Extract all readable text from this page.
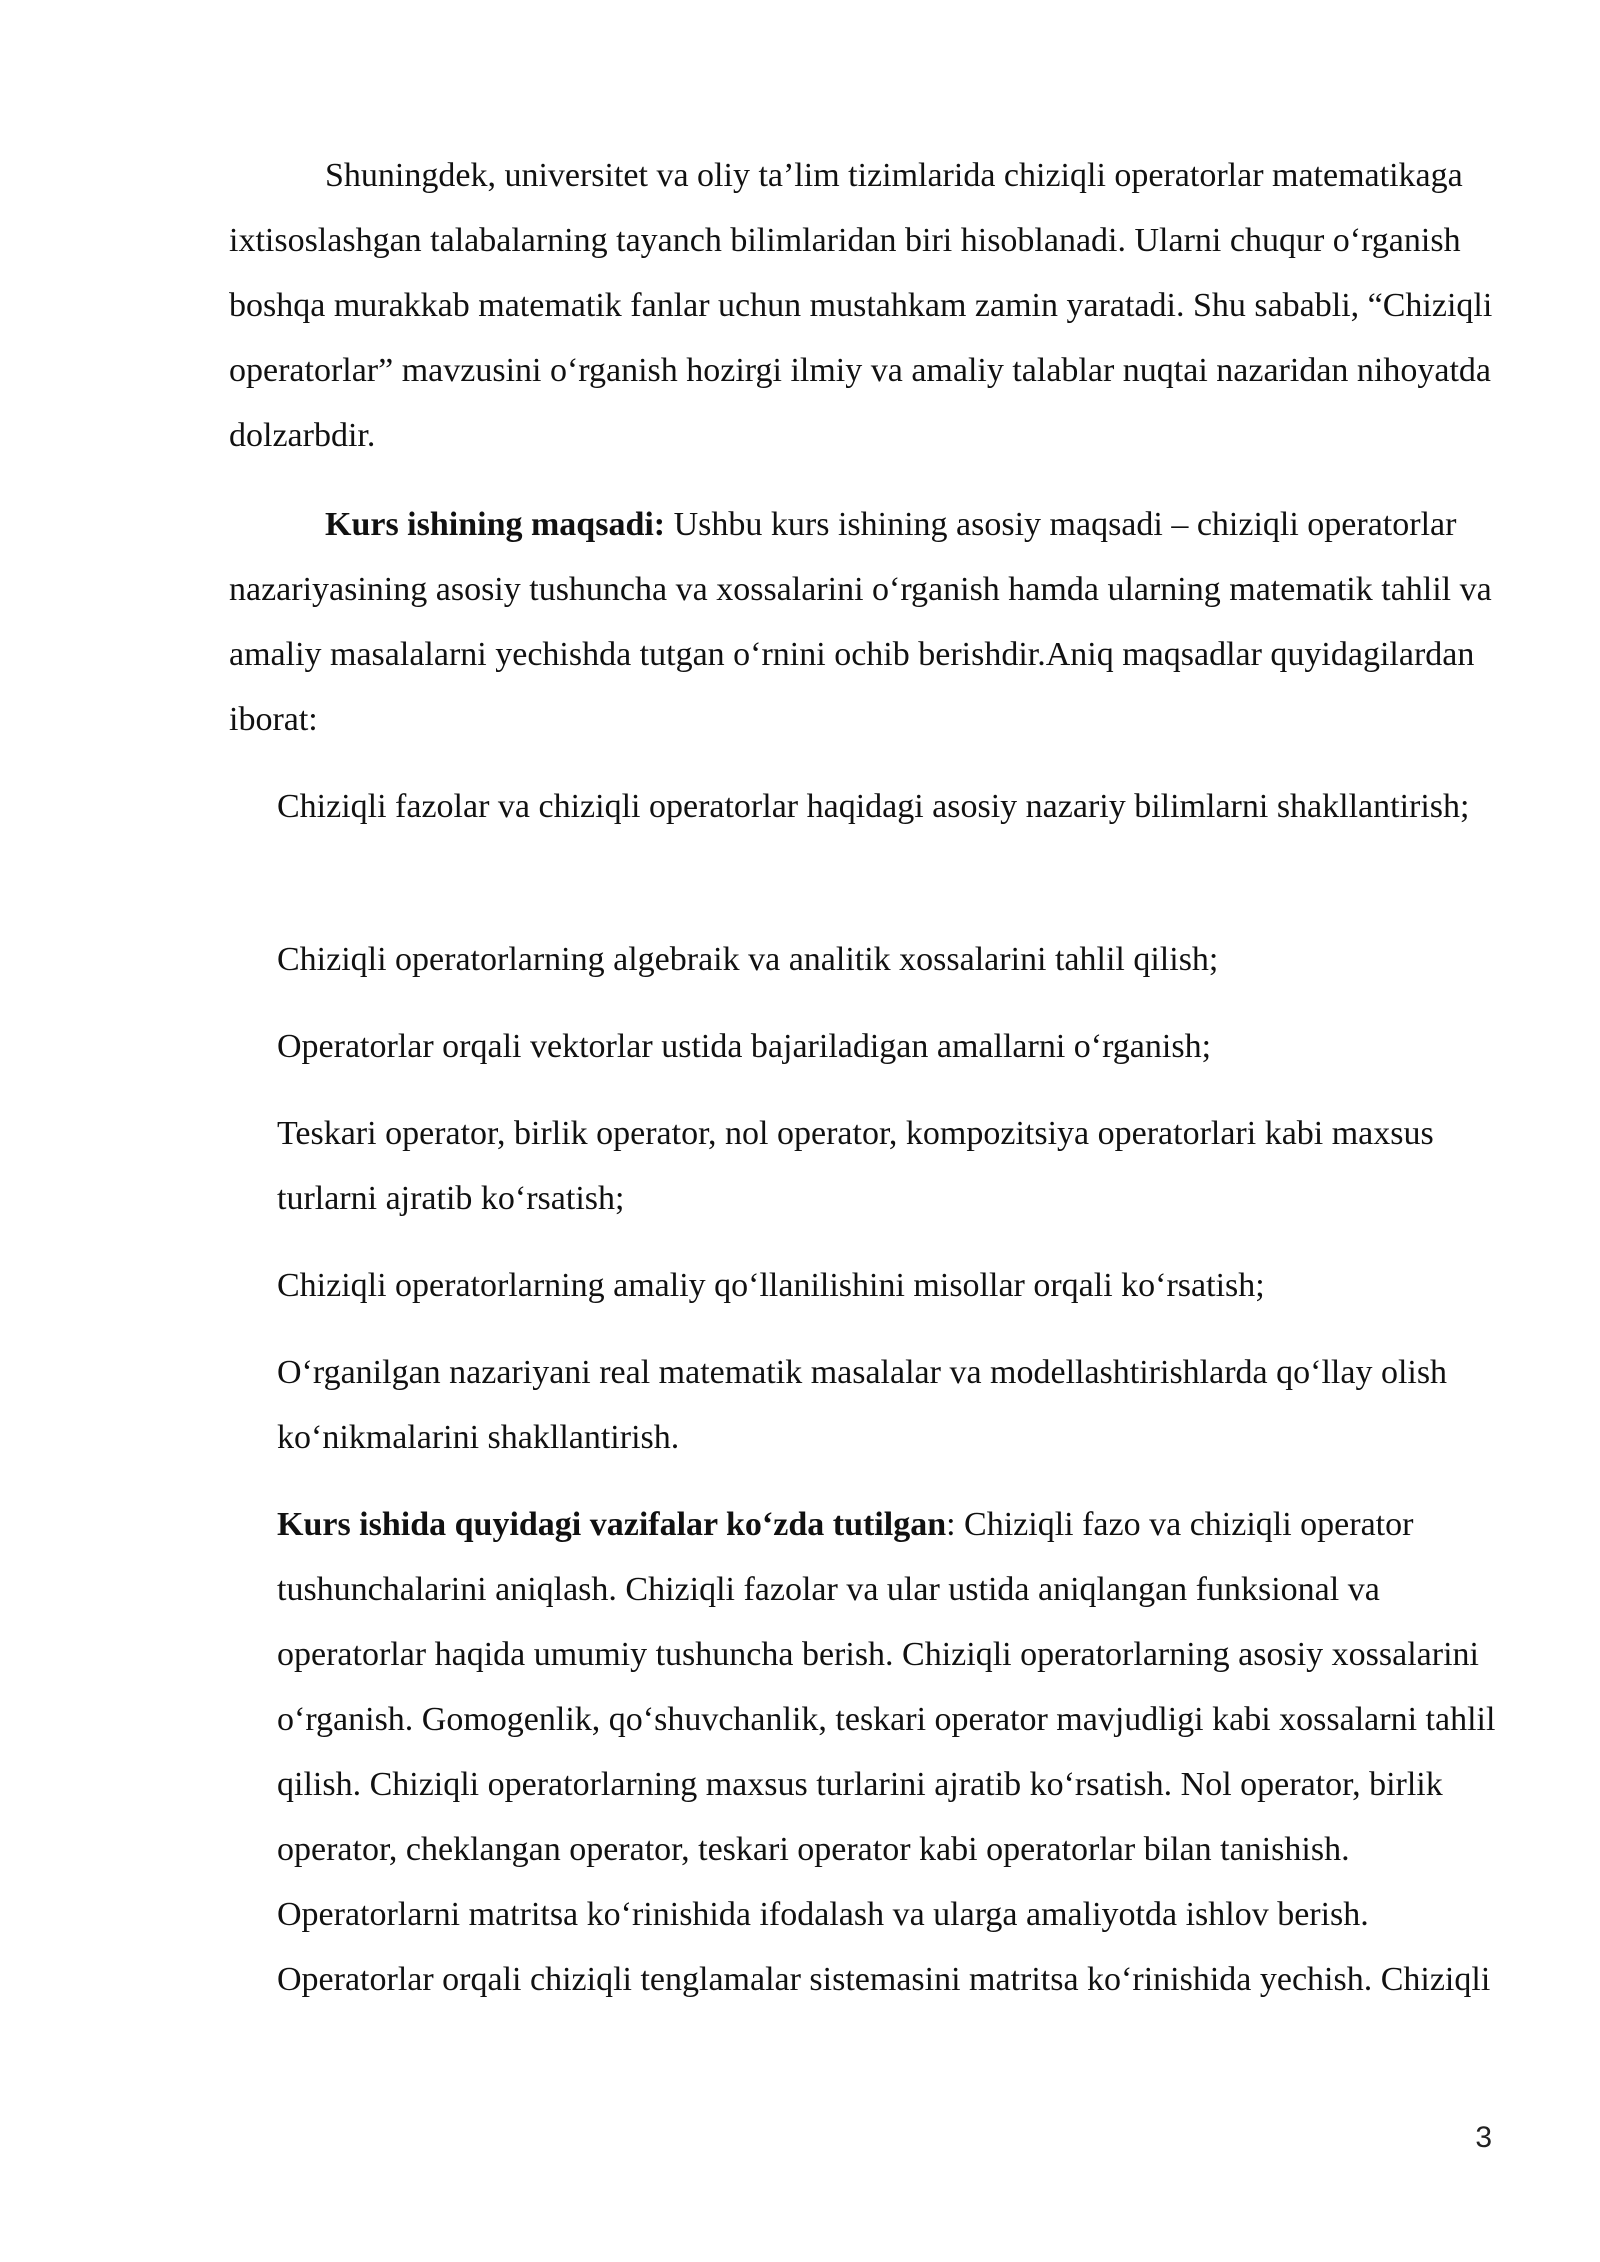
Shuningdek, universitet va oliy ta’lim tizimlarida chiziqli operatorlar matematikaga ixtisoslashgan talabalarning tayanch bilimlaridan biri hisoblanadi. Ularni chuqur o‘rganish boshqa murakkab matematik fanlar uchun mustahkam zamin yaratadi. Shu sababli, “Chiziqli operatorlar” mavzusini o‘rganish hozirgi ilmiy va amaliy talablar nuqtai nazaridan nihoyatda dolzarbdir.

Kurs ishining maqsadi: Ushbu kurs ishining asosiy maqsadi – chiziqli operatorlar nazariyasining asosiy tushuncha va xossalarini o‘rganish hamda ularning matematik tahlil va amaliy masalalarni yechishda tutgan o‘rnini ochib berishdir.Aniq maqsadlar quyidagilardan iborat:

Chiziqli fazolar va chiziqli operatorlar haqidagi asosiy nazariy bilimlarni shakllantirish;

Chiziqli operatorlarning algebraik va analitik xossalarini tahlil qilish;

Operatorlar orqali vektorlar ustida bajariladigan amallarni o‘rganish;

Teskari operator, birlik operator, nol operator, kompozitsiya operatorlari kabi maxsus turlarni ajratib ko‘rsatish;

Chiziqli operatorlarning amaliy qo‘llanilishini misollar orqali ko‘rsatish;

O‘rganilgan nazariyani real matematik masalalar va modellashtirishlarda qo‘llay olish ko‘nikmalarini shakllantirish.

Kurs ishida quyidagi vazifalar ko‘zda tutilgan: Chiziqli fazo va chiziqli operator tushunchalarini aniqlash. Chiziqli fazolar va ular ustida aniqlangan funksional va operatorlar haqida umumiy tushuncha berish. Chiziqli operatorlarning asosiy xossalarini o‘rganish. Gomogenlik, qo‘shuvchanlik, teskari operator mavjudligi kabi xossalarni tahlil qilish. Chiziqli operatorlarning maxsus turlarini ajratib ko‘rsatish. Nol operator, birlik operator, cheklangan operator, teskari operator kabi operatorlar bilan tanishish. Operatorlarni matritsa ko‘rinishida ifodalash va ularga amaliyotda ishlov berish. Operatorlar orqali chiziqli tenglamalar sistemasini matritsa ko‘rinishida yechish. Chiziqli

3
